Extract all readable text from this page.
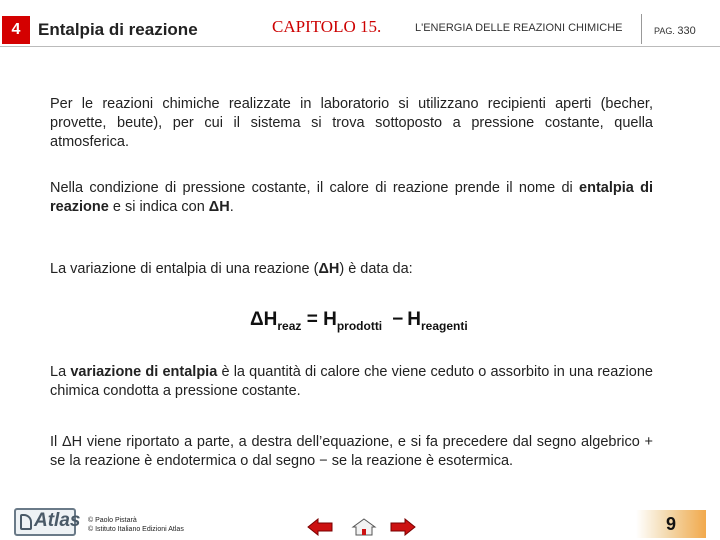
4	Entalpia di reazione	CAPITOLO 15.	L'ENERGIA DELLE REAZIONI CHIMICHE	PAG. 330
Per le reazioni chimiche realizzate in laboratorio si utilizzano recipienti aperti (becher, provette, beute), per cui il sistema si trova sottoposto a pressione costante, quella atmosferica.
Nella condizione di pressione costante, il calore di reazione prende il nome di entalpia di reazione e si indica con ΔH.
La variazione di entalpia di una reazione (ΔH) è data da:
$\Delta H_{reaz} = H_{prodotti} - H_{reagenti}$
La variazione di entalpia è la quantità di calore che viene ceduto o assorbito in una reazione chimica condotta a pressione costante.
Il ΔH viene riportato a parte, a destra dell’equazione, e si fa precedere dal segno algebrico + se la reazione è endotermica o dal segno − se la reazione è esotermica.
Atlas © Paolo Pistarà
© Istituto Italiano Edizioni Atlas	9
